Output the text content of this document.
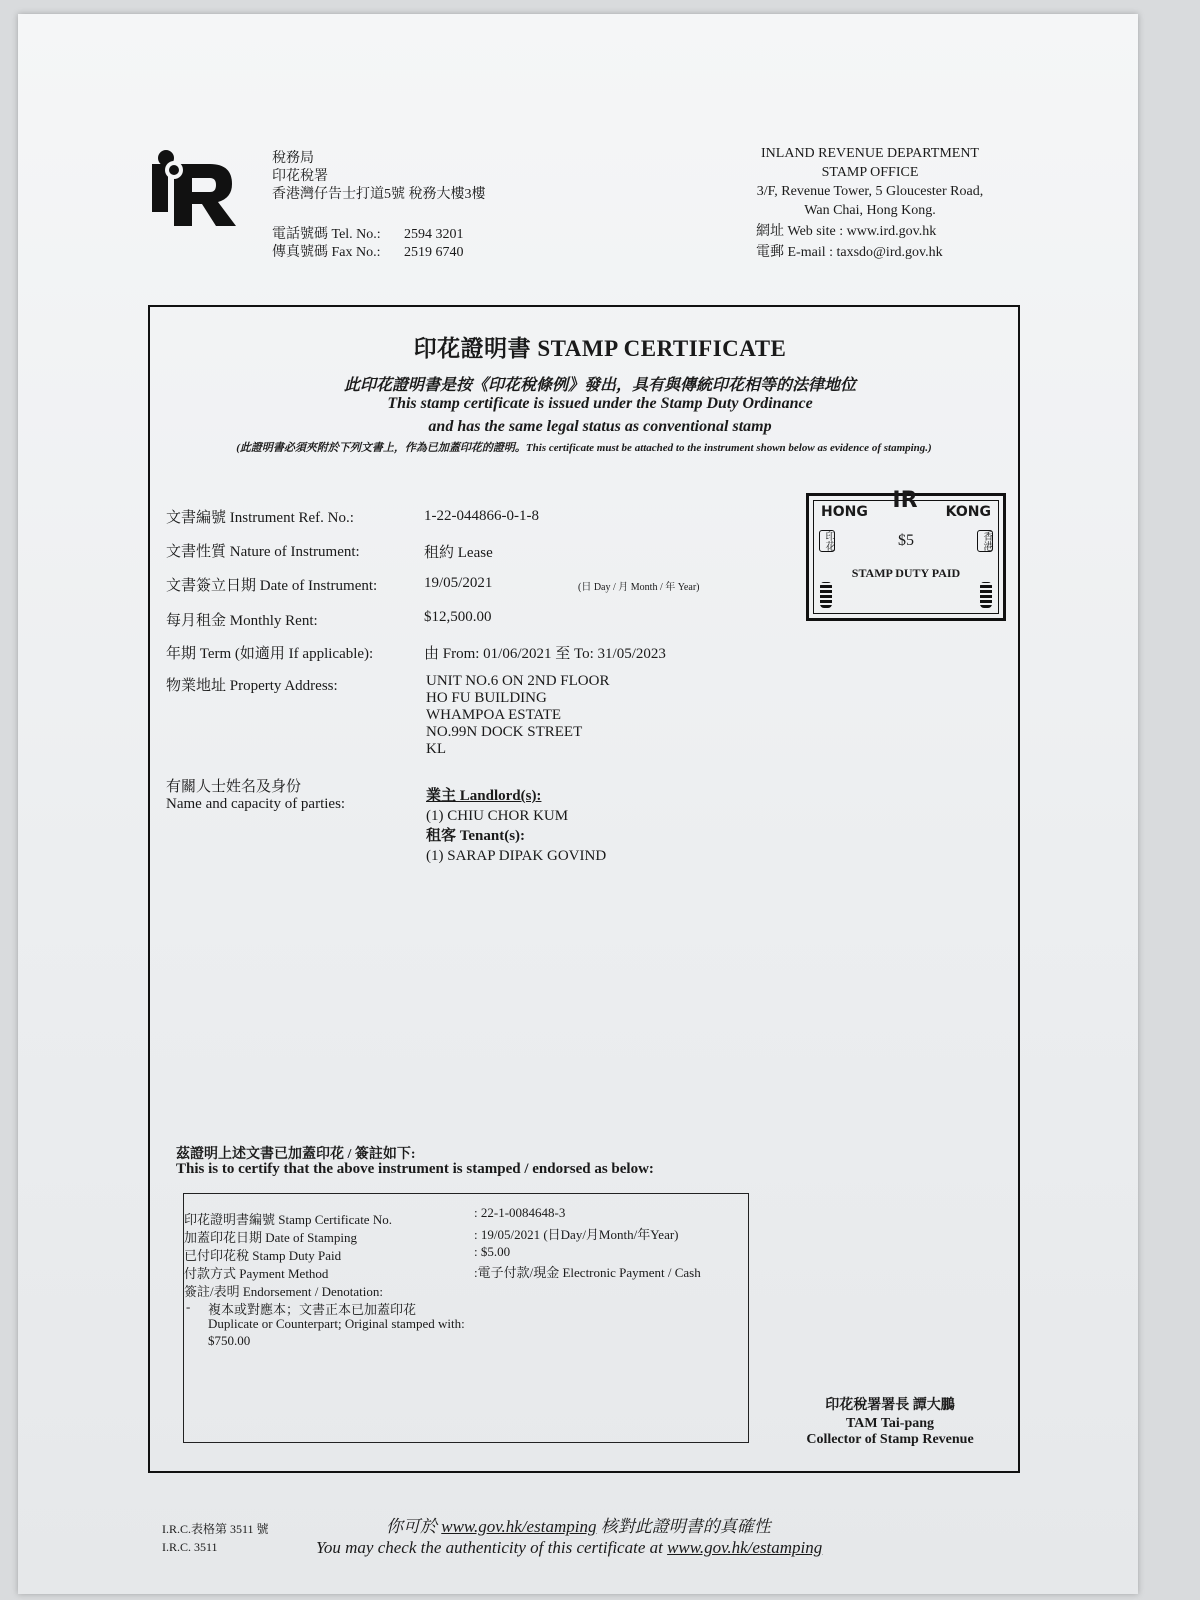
稅務局
印花稅署
香港灣仔告士打道5號 稅務大樓3樓
電話號碼 Tel. No.:	2594 3201
傳真號碼 Fax No.:	2519 6740
INLAND REVENUE DEPARTMENT
STAMP OFFICE
3/F, Revenue Tower, 5 Gloucester Road,
Wan Chai, Hong Kong.
網址 Web site : www.ird.gov.hk
電郵 E-mail : taxsdo@ird.gov.hk
印花證明書 STAMP CERTIFICATE
此印花證明書是按《印花稅條例》發出，具有與傳統印花相等的法律地位
This stamp certificate is issued under the Stamp Duty Ordinance
and has the same legal status as conventional stamp
(此證明書必須夾附於下列文書上，作為已加蓋印花的證明。This certificate must be attached to the instrument shown below as evidence of stamping.)
文書編號 Instrument Ref. No.:	1-22-044866-0-1-8
文書性質 Nature of Instrument:	租約 Lease
文書簽立日期 Date of Instrument:	19/05/2021	(日 Day / 月 Month / 年 Year)
每月租金 Monthly Rent:	$12,500.00
年期 Term (如適用 If applicable):	由 From: 01/06/2021 至 To: 31/05/2023
物業地址 Property Address:	UNIT NO.6 ON 2ND FLOOR
HO FU BUILDING
WHAMPOA ESTATE
NO.99N DOCK STREET
KL
有關人士姓名及身份
Name and capacity of parties:	業主 Landlord(s):
(1) CHIU CHOR KUM
租客 Tenant(s):
(1) SARAP DIPAK GOVIND
HONG IR	KONG
$5
STAMP DUTY PAID
印花	香港
茲證明上述文書已加蓋印花 / 簽註如下:
This is to certify that the above instrument is stamped / endorsed as below:
印花證明書編號 Stamp Certificate No.	: 22-1-0084648-3
加蓋印花日期 Date of Stamping	: 19/05/2021 (日Day/月Month/年Year)
已付印花稅 Stamp Duty Paid	: $5.00
付款方式 Payment Method	:電子付款/現金 Electronic Payment / Cash
簽註/表明 Endorsement / Denotation:
- 複本或對應本；文書正本已加蓋印花
Duplicate or Counterpart; Original stamped with:
$750.00
印花稅署署長 譚大鵬
TAM Tai-pang
Collector of Stamp Revenue
I.R.C.表格第 3511 號
I.R.C. 3511
你可於 www.gov.hk/estamping 核對此證明書的真確性
You may check the authenticity of this certificate at www.gov.hk/estamping
